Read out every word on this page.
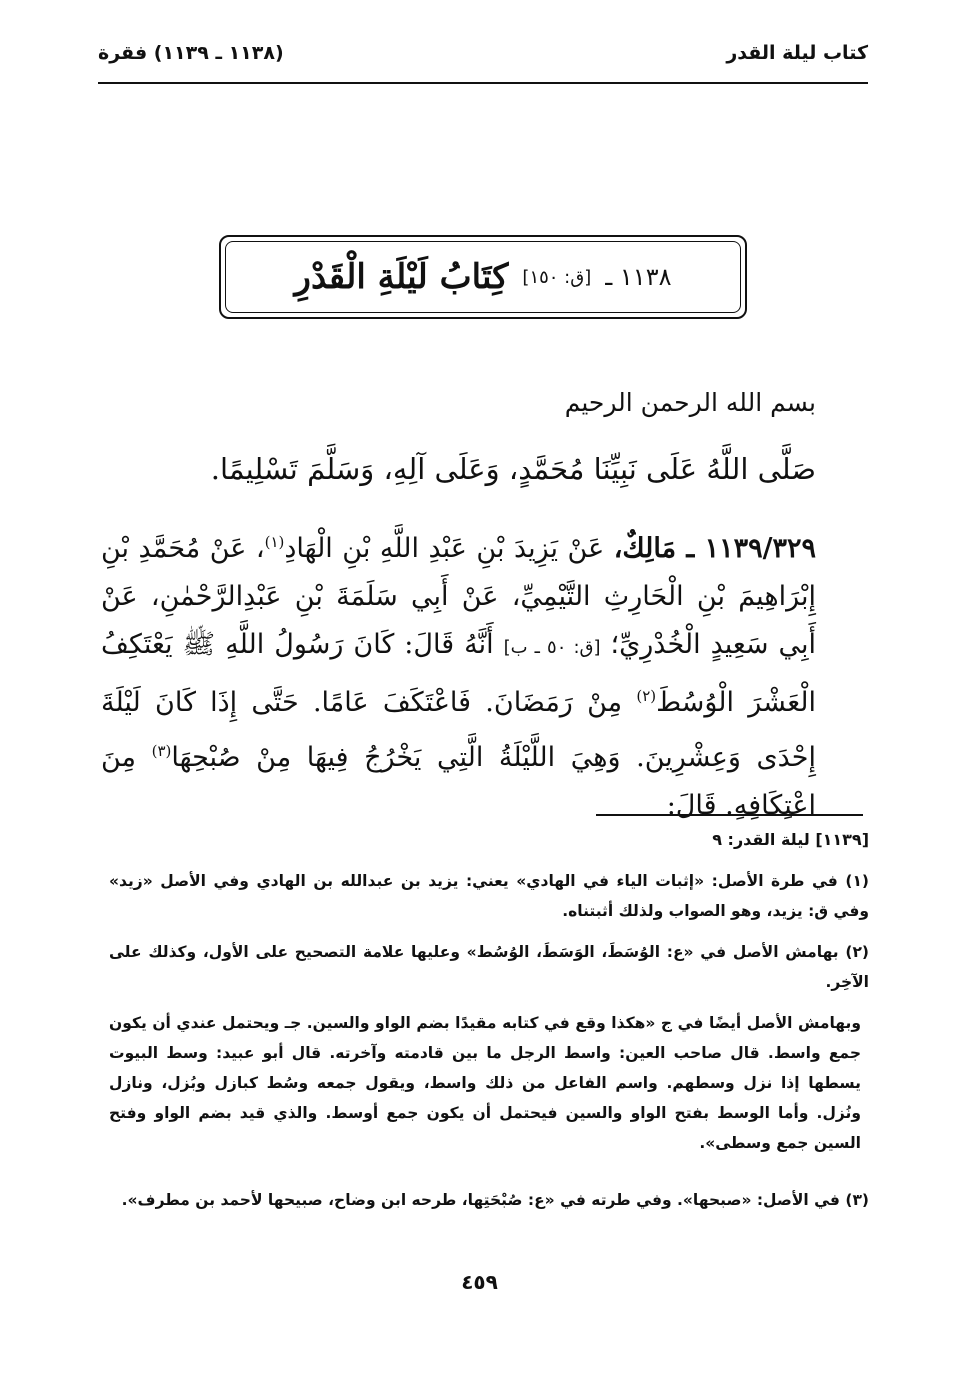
كتاب ليلة القدر
(١١٣٨ ـ ١١٣٩) فقرة
١١٣٨ ـ
[ق: ١٥٠]
كِتَابُ لَيْلَةِ الْقَدْرِ
بسم الله الرحمن الرحيم
صَلَّى اللَّهُ عَلَى نَبِيِّنَا مُحَمَّدٍ، وَعَلَى آلِهِ، وَسَلَّمَ تَسْلِيمًا.
١١٣٩/٣٢٩ ـ مَالِكٌ، عَنْ يَزِيدَ بْنِ عَبْدِ اللَّهِ بْنِ الْهَادِ$^{(١)}$، عَنْ مُحَمَّدِ بْنِ إِبْرَاهِيمَ بْنِ الْحَارِثِ التَّيْمِيِّ، عَنْ أَبِي سَلَمَةَ بْنِ عَبْدِالرَّحْمٰنِ، عَنْ أَبِي سَعِيدٍ الْخُدْرِيِّ؛ [ق: ٥٠ ـ ب] أَنَّهُ قَالَ: كَانَ رَسُولُ اللَّهِ ﷺ يَعْتَكِفُ الْعَشْرَ الْوُسُطَ$^{(٢)}$ مِنْ رَمَضَانَ. فَاعْتَكَفَ عَامًا. حَتَّى إِذَا كَانَ لَيْلَةَ إِحْدَى وَعِشْرِينَ. وَهِيَ اللَّيْلَةُ الَّتِي يَخْرُجُ فِيهَا مِنْ صُبْحِهَا$^{(٣)}$ مِنَ اعْتِكَافِهِ. قَالَ:
[١١٣٩] ليلة القدر: ٩
(١) في طرة الأصل: «إثبات الياء في الهادي» يعني: يزيد بن عبدالله بن الهادي وفي الأصل «زيد» وفي ق: يزيد، وهو الصواب ولذلك أثبتناه.
(٢) بهامش الأصل في «ع: الوُسَطَ، الوَسَطَ، الوُسُط» وعليها علامة التصحيح على الأول، وكذلك على الآخِر.
وبهامش الأصل أيضًا في ج «هكذا وقع في كتابه مقيدًا بضم الواو والسين. جـ ويحتمل عندي أن يكون جمع واسط. قال صاحب العين: واسط الرجل ما بين قادمته وآخرته. قال أبو عبيد: وسط البيوت يسطها إذا نزل وسطهم. واسم الفاعل من ذلك واسط، ويقول جمعه وسُط كبازل وبُزل، ونازل ونُزل. وأما الوسط بفتح الواو والسين فيحتمل أن يكون جمع أوسط. والذي قيد بضم الواو وفتح السين جمع وسطى».
(٣) في الأصل: «صبحها». وفي طرته في «ع: صُبْحَتِها، طرحه ابن وضاح، صبيحها لأحمد بن مطرف».
٤٥٩
